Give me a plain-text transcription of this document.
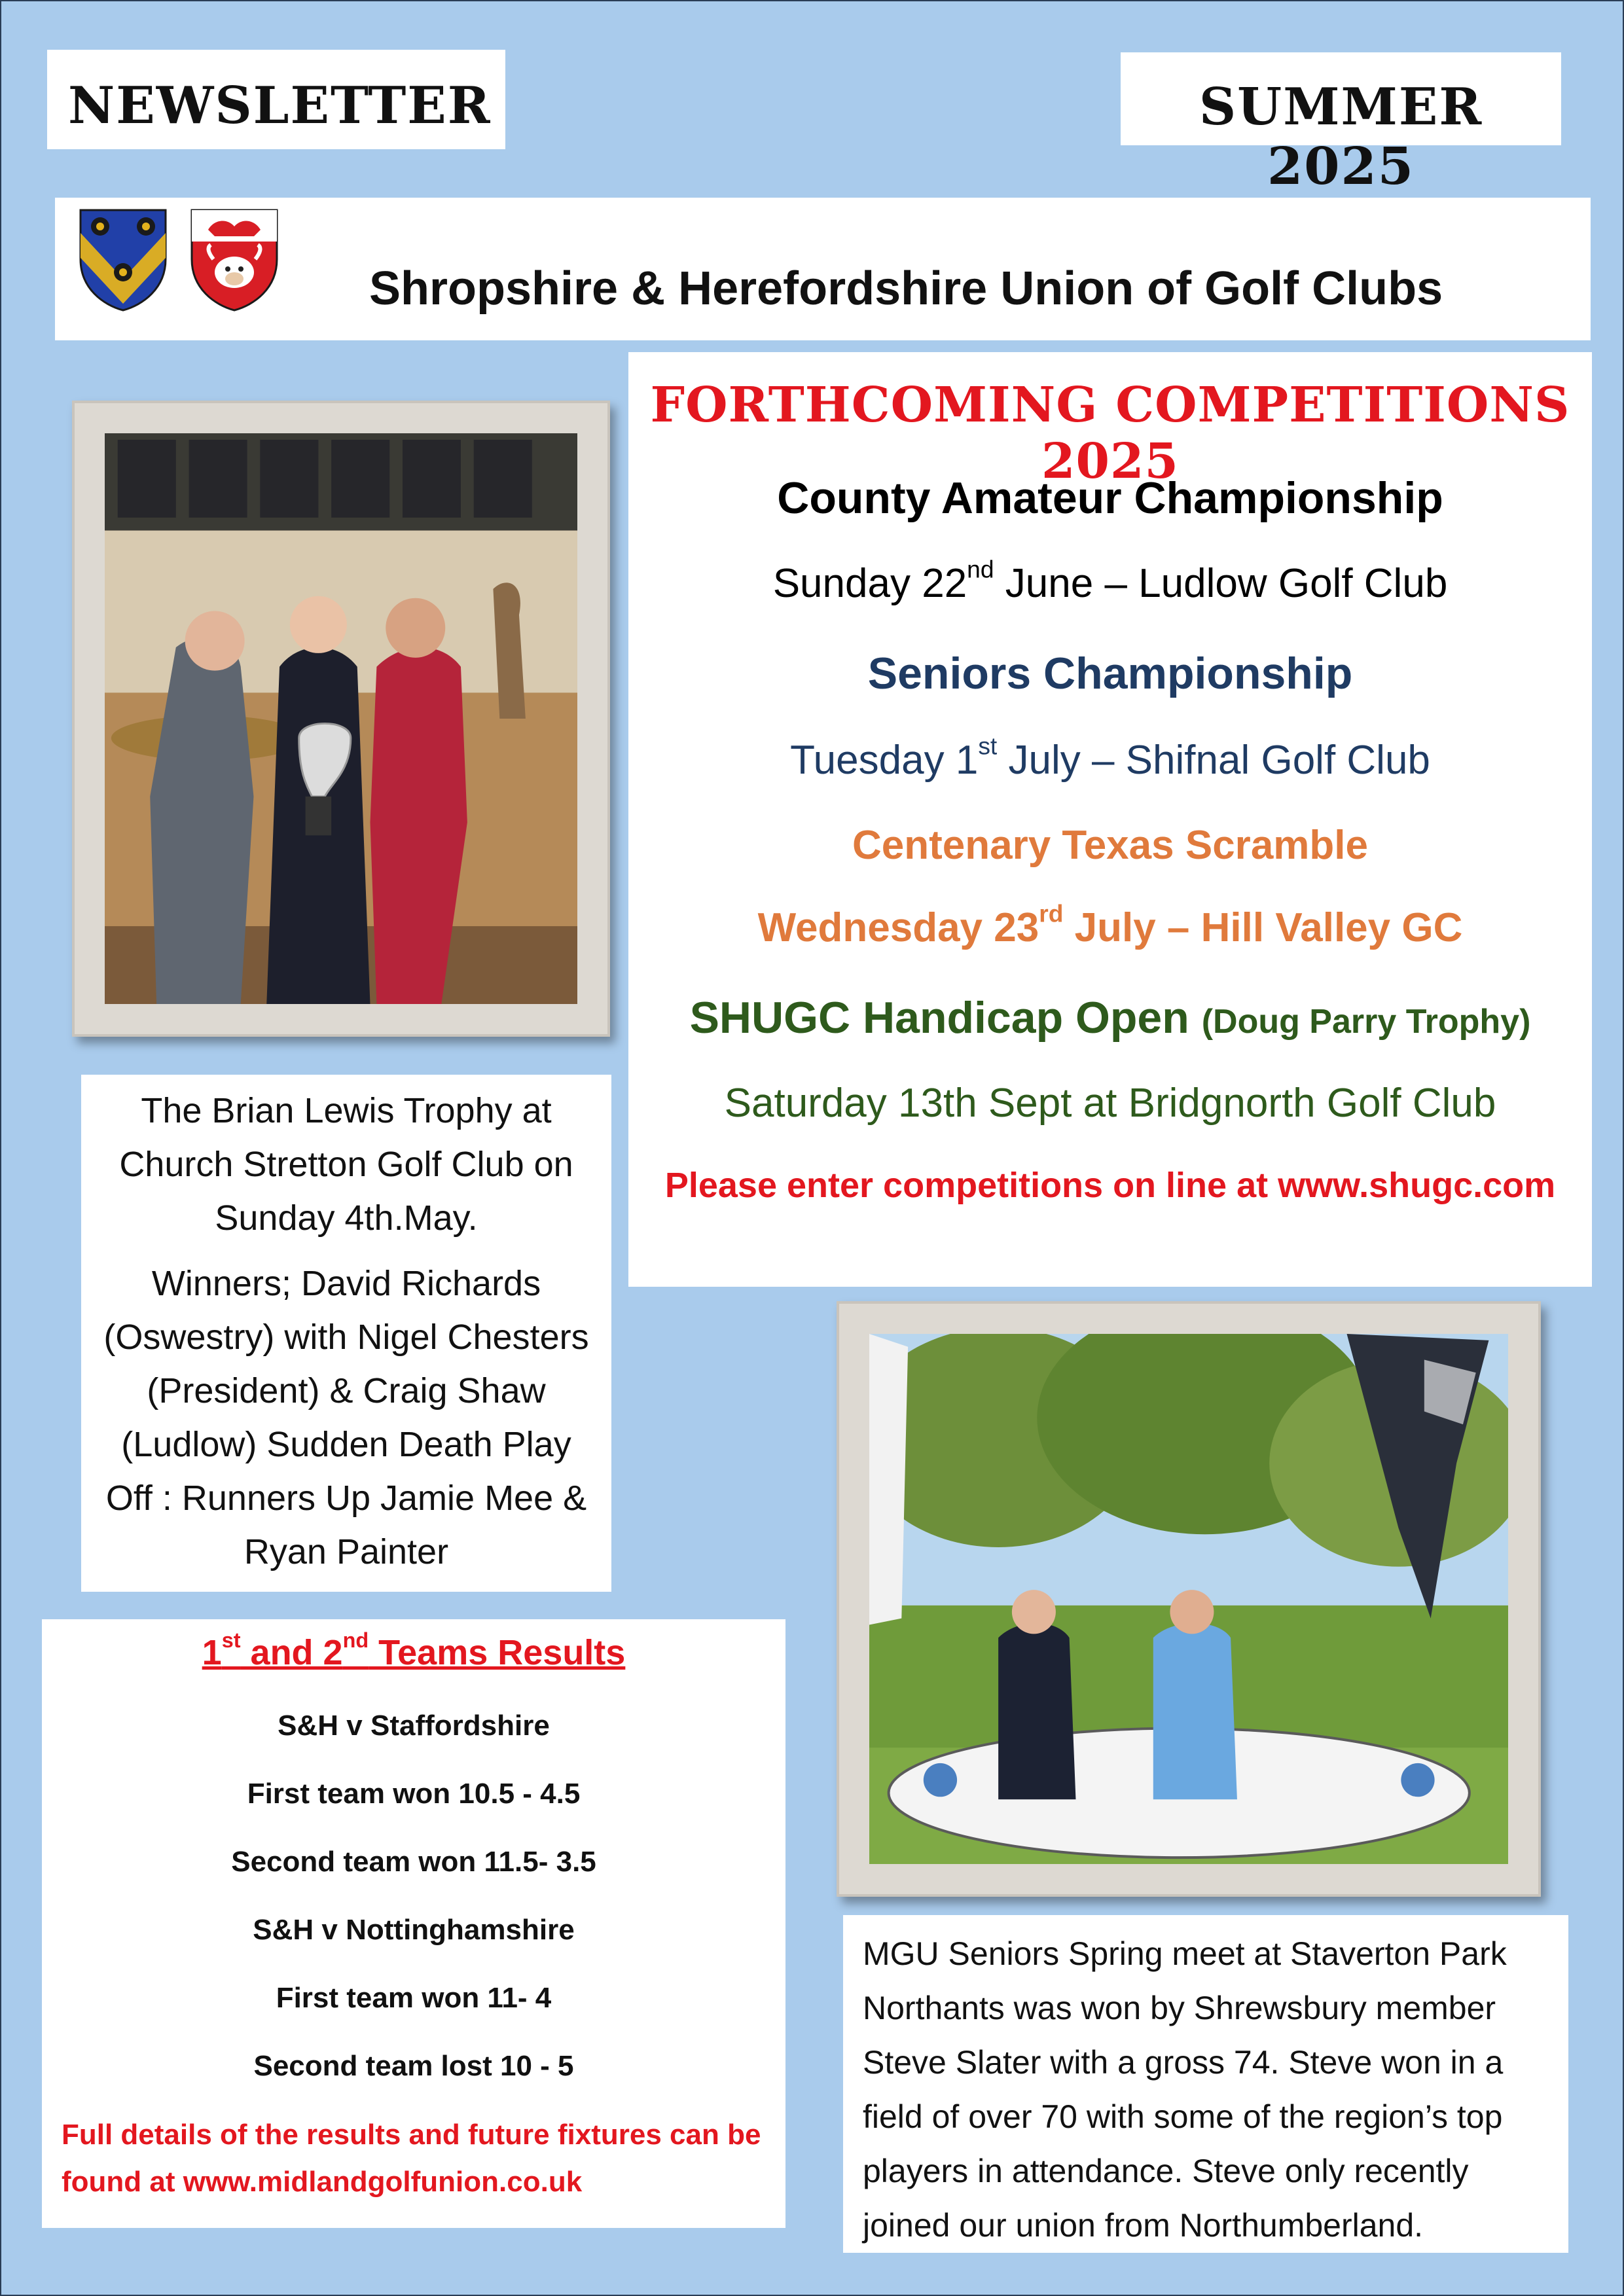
NEWSLETTER	SUMMER 2025
Shropshire & Herefordshire Union of Golf Clubs
FORTHCOMING COMPETITIONS 2025
County Amateur Championship
Sunday 22nd June – Ludlow Golf Club
Seniors Championship
Tuesday 1st July – Shifnal Golf Club
Centenary Texas Scramble
Wednesday 23rd July – Hill Valley GC
SHUGC Handicap Open (Doug Parry Trophy)
Saturday 13th Sept at Bridgnorth Golf Club
Please enter competitions on line at www.shugc.com

The Brian Lewis Trophy at Church Stretton Golf Club on Sunday 4th.May.

Winners; David Richards (Oswestry) with Nigel Chesters (President) & Craig Shaw (Ludlow) Sudden Death Play Off : Runners Up Jamie Mee & Ryan Painter

1st and 2nd Teams Results
S&H v Staffordshire
First team won 10.5 - 4.5
Second team won 11.5- 3.5
S&H v Nottinghamshire
First team won 11- 4
Second team lost 10 - 5
Full details of the results and future fixtures can be found at www.midlandgolfunion.co.uk

MGU Seniors Spring meet at Staverton Park Northants was won by Shrewsbury member Steve Slater with a gross 74. Steve won in a field of over 70 with some of the region’s top players in attendance. Steve only recently joined our union from Northumberland.
